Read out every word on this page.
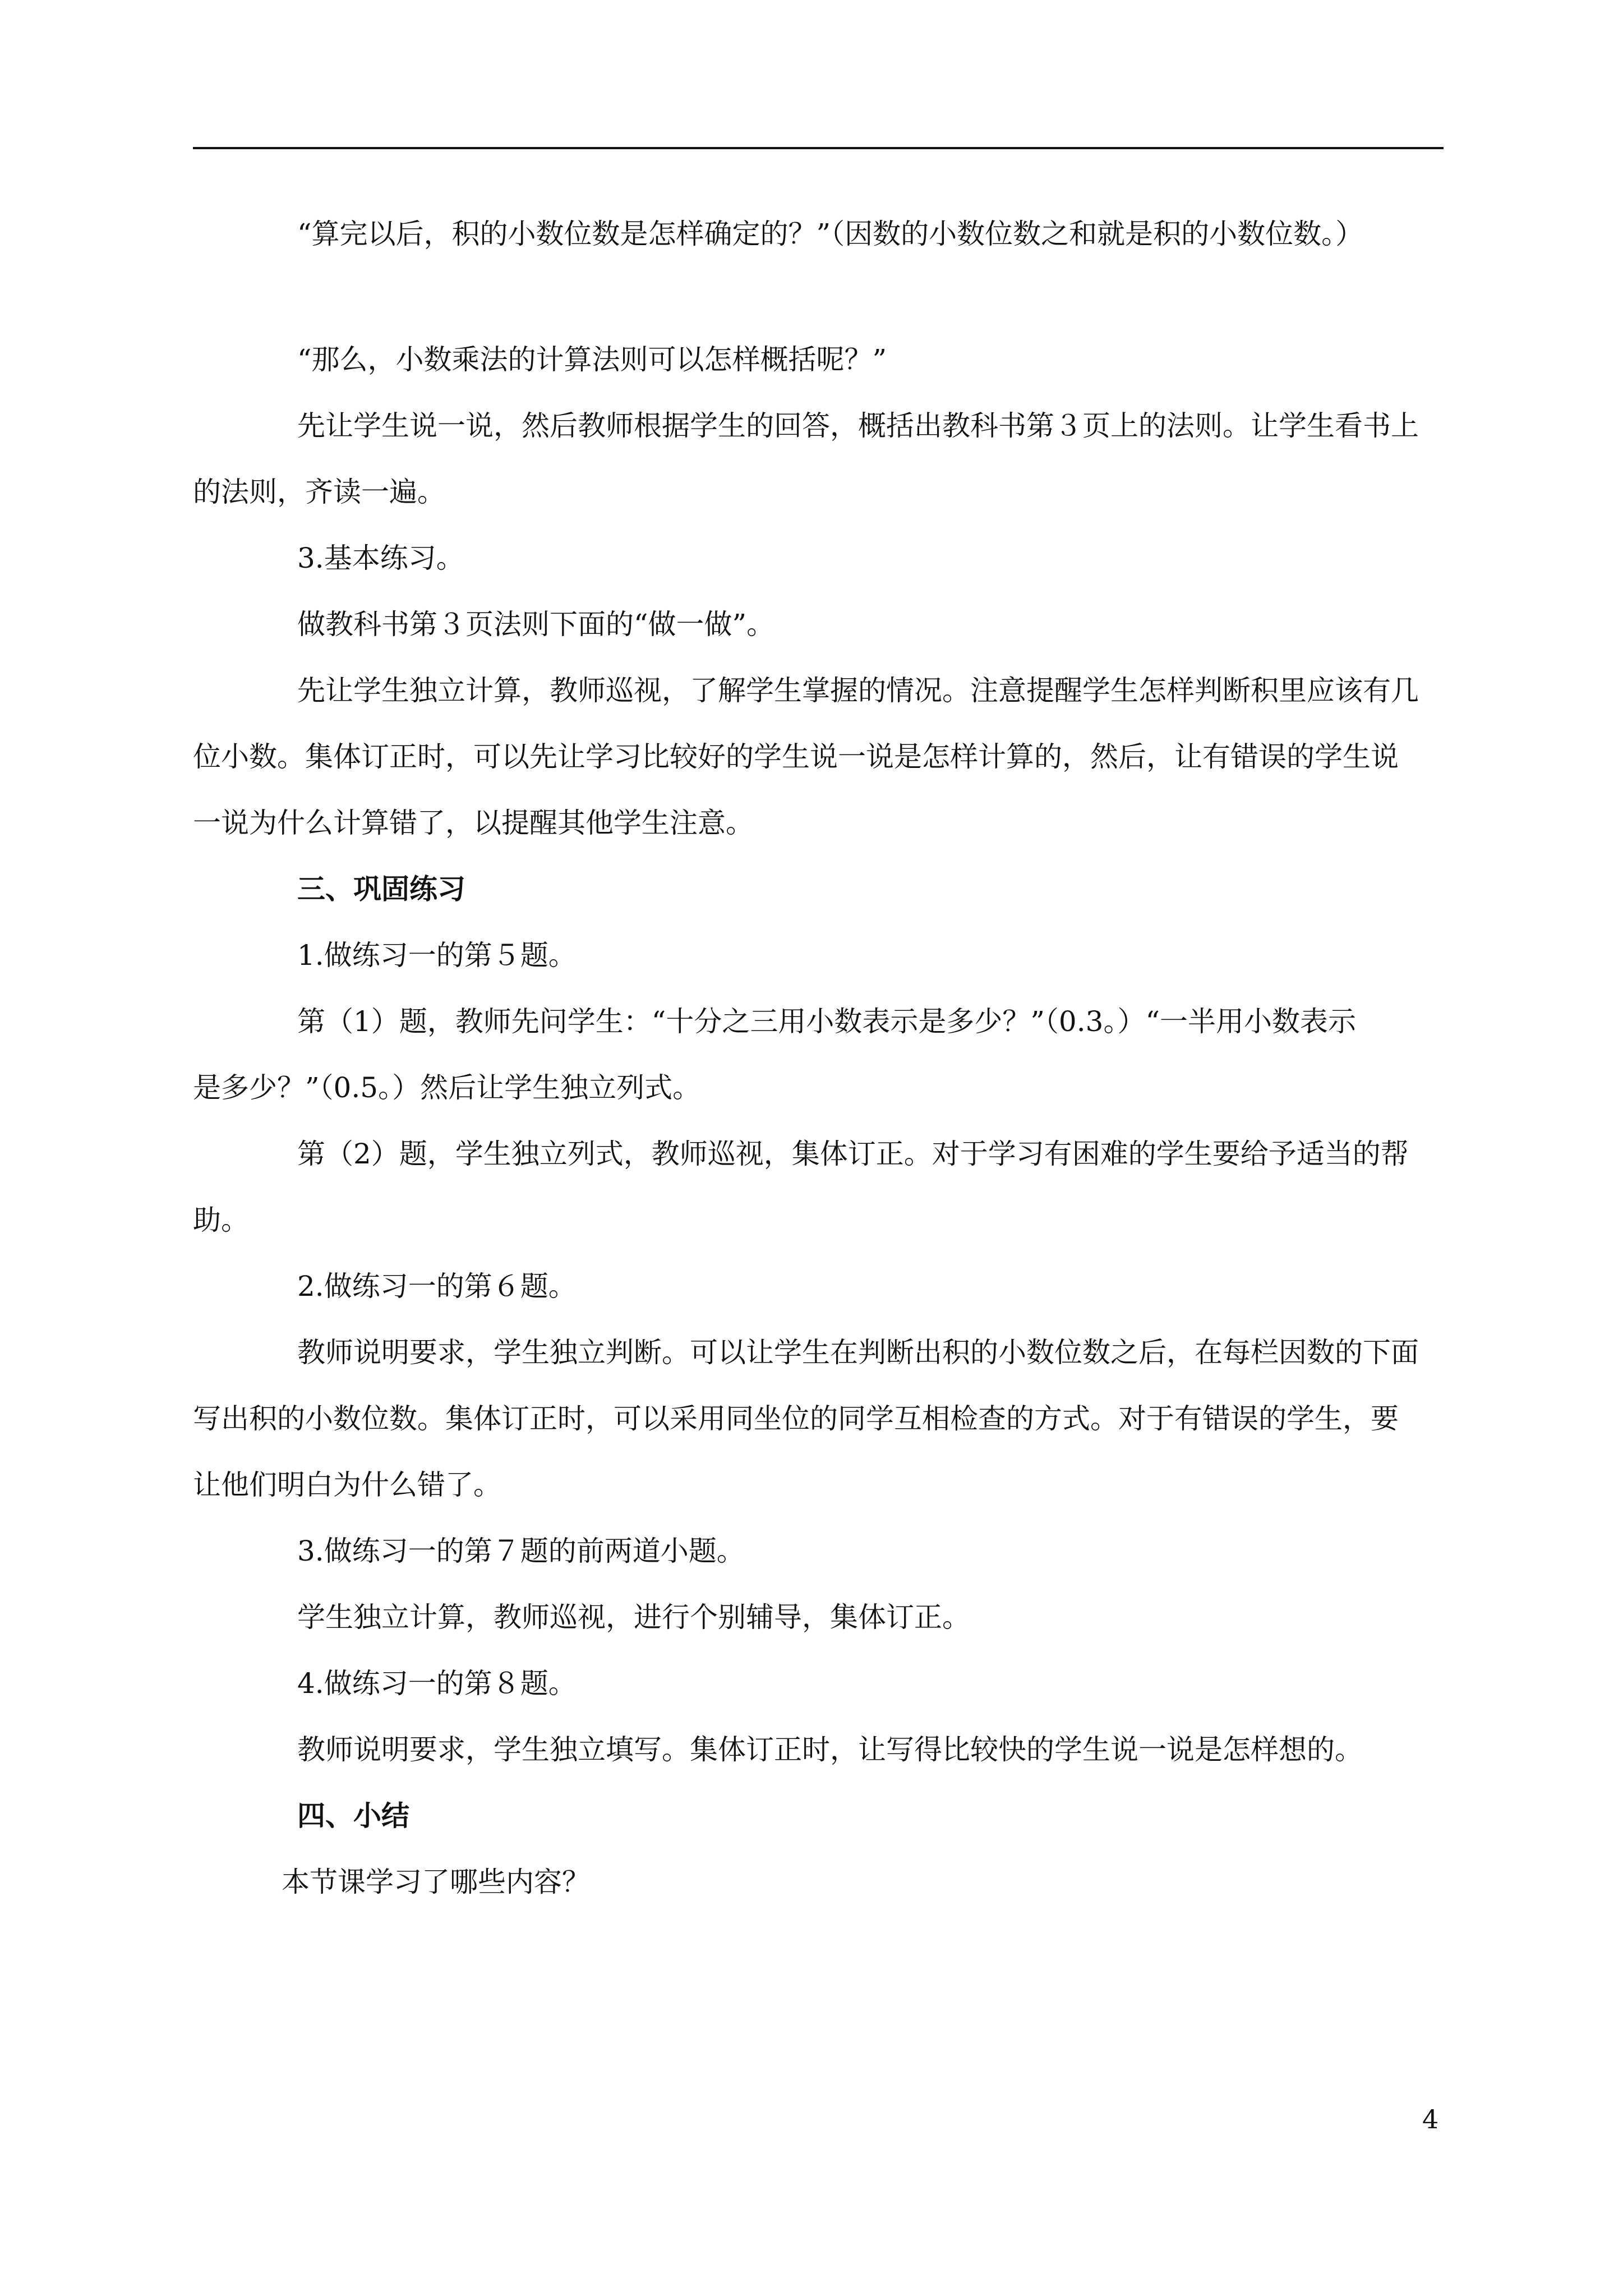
“算完以后，积的小数位数是怎样确定的？”（因数的小数位数之和就是积的小数位数。）
“那么，小数乘法的计算法则可以怎样概括呢？”
先让学生说一说，然后教师根据学生的回答，概括出教科书第３页上的法则。让学生看书上
的法则，齐读一遍。
3.基本练习。
做教科书第３页法则下面的“做一做”。
先让学生独立计算，教师巡视，了解学生掌握的情况。注意提醒学生怎样判断积里应该有几
位小数。集体订正时，可以先让学习比较好的学生说一说是怎样计算的，然后，让有错误的学生说
一说为什么计算错了，以提醒其他学生注意。
三、巩固练习
1.做练习一的第５题。
第（1）题，教师先问学生：“十分之三用小数表示是多少？”（0.3。）“一半用小数表示
是多少？”（0.5。）然后让学生独立列式。
第（2）题，学生独立列式，教师巡视，集体订正。对于学习有困难的学生要给予适当的帮
助。
2.做练习一的第６题。
教师说明要求，学生独立判断。可以让学生在判断出积的小数位数之后，在每栏因数的下面
写出积的小数位数。集体订正时，可以采用同坐位的同学互相检查的方式。对于有错误的学生，要
让他们明白为什么错了。
3.做练习一的第７题的前两道小题。
学生独立计算，教师巡视，进行个别辅导，集体订正。
4.做练习一的第８题。
教师说明要求，学生独立填写。集体订正时，让写得比较快的学生说一说是怎样想的。
四、小结
本节课学习了哪些内容？
4
